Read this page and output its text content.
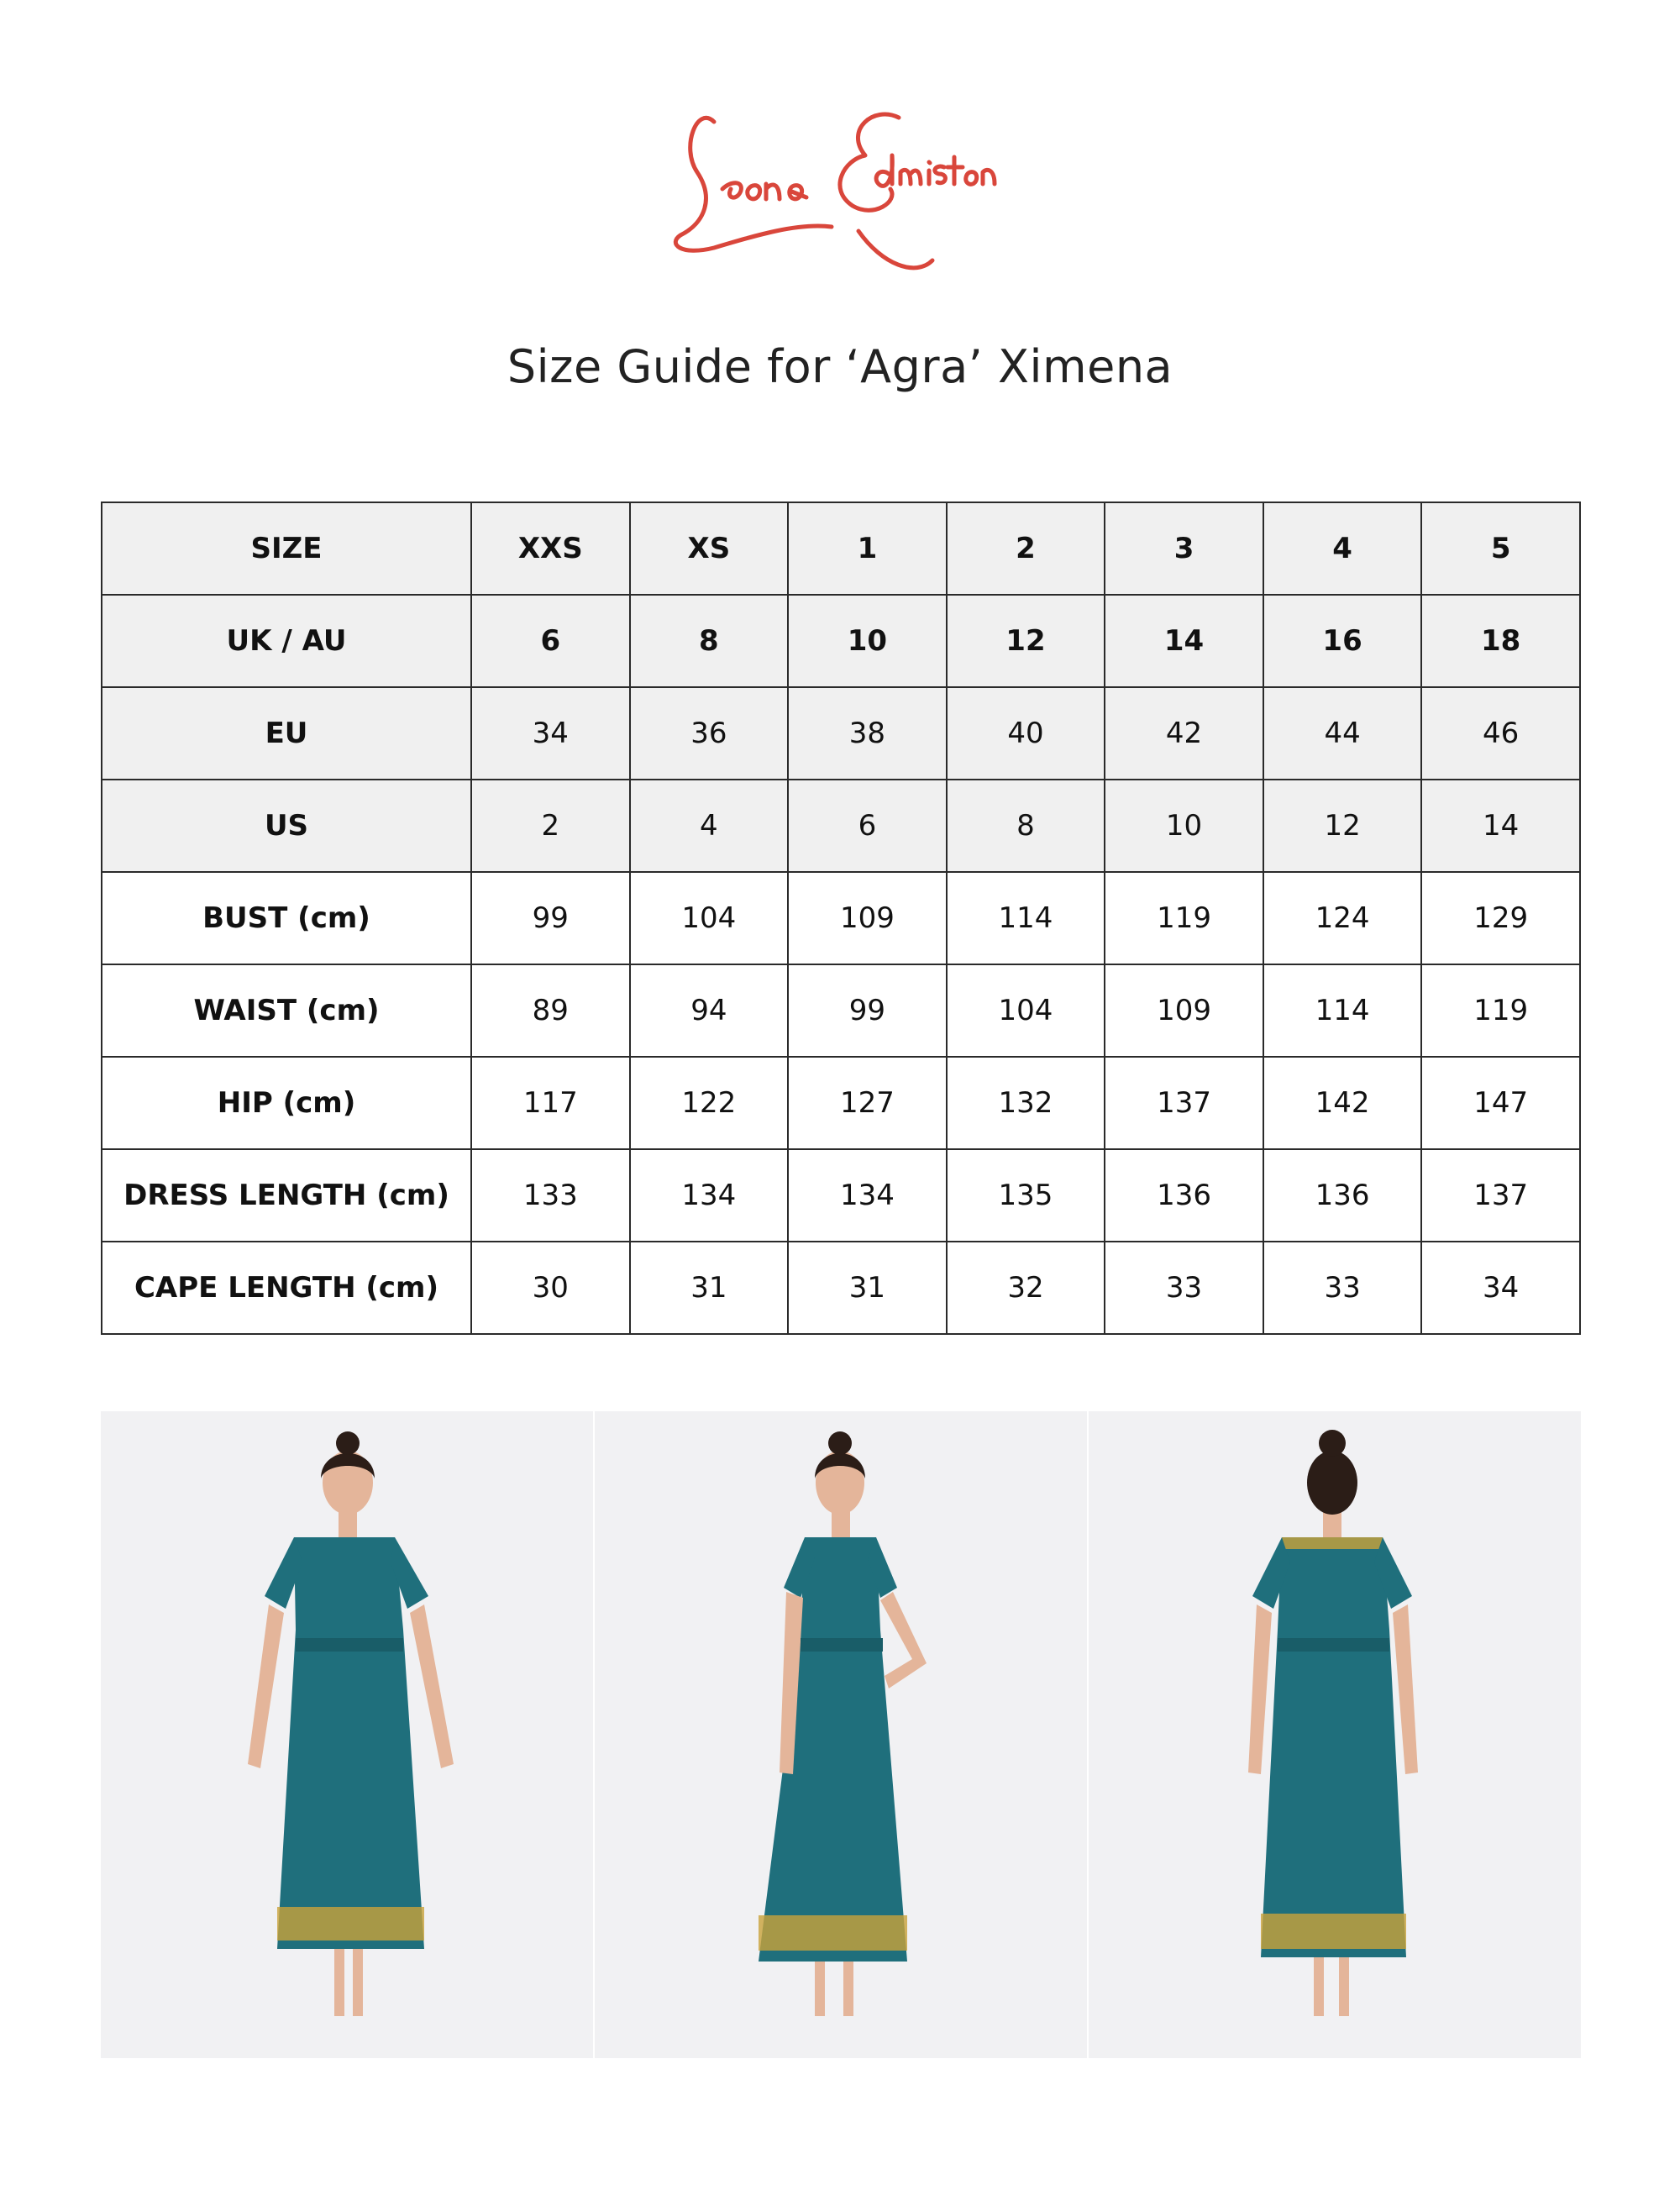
Size Guide for ‘Agra’ Ximena
SIZE	XXS	XS	1	2	3	4	5
UK / AU	6	8	10	12	14	16	18
EU	34	36	38	40	42	44	46
US	2	4	6	8	10	12	14
BUST (cm)	99	104	109	114	119	124	129
WAIST (cm)	89	94	99	104	109	114	119
HIP (cm)	117	122	127	132	137	142	147
DRESS LENGTH (cm)	133	134	134	135	136	136	137
CAPE LENGTH (cm)	30	31	31	32	33	33	34
